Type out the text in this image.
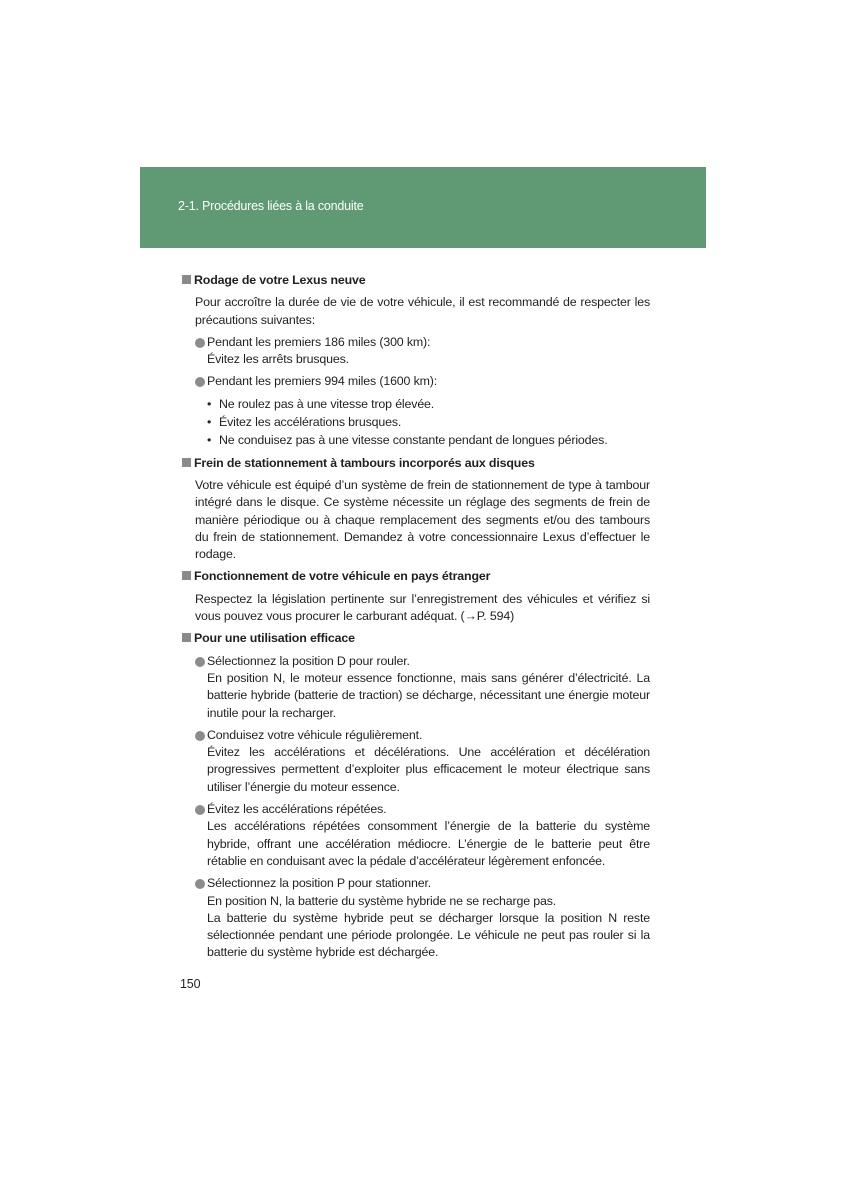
2-1. Procédures liées à la conduite
Rodage de votre Lexus neuve
Pour accroître la durée de vie de votre véhicule, il est recommandé de respecter les précautions suivantes:
Pendant les premiers 186 miles (300 km):
Évitez les arrêts brusques.
Pendant les premiers 994 miles (1600 km):
• Ne roulez pas à une vitesse trop élevée.
• Évitez les accélérations brusques.
• Ne conduisez pas à une vitesse constante pendant de longues périodes.
Frein de stationnement à tambours incorporés aux disques
Votre véhicule est équipé d’un système de frein de stationnement de type à tambour intégré dans le disque. Ce système nécessite un réglage des segments de frein de manière périodique ou à chaque remplacement des segments et/ou des tambours du frein de stationnement. Demandez à votre concessionnaire Lexus d’effectuer le rodage.
Fonctionnement de votre véhicule en pays étranger
Respectez la législation pertinente sur l’enregistrement des véhicules et vérifiez si vous pouvez vous procurer le carburant adéquat. (→P. 594)
Pour une utilisation efficace
Sélectionnez la position D pour rouler.
En position N, le moteur essence fonctionne, mais sans générer d’électricité. La batterie hybride (batterie de traction) se décharge, nécessitant une énergie moteur inutile pour la recharger.
Conduisez votre véhicule régulièrement.
Évitez les accélérations et décélérations. Une accélération et décélération progressives permettent d’exploiter plus efficacement le moteur électrique sans utiliser l’énergie du moteur essence.
Évitez les accélérations répétées.
Les accélérations répétées consomment l’énergie de la batterie du système hybride, offrant une accélération médiocre. L’énergie de le batterie peut être rétablie en conduisant avec la pédale d’accélérateur légèrement enfoncée.
Sélectionnez la position P pour stationner.
En position N, la batterie du système hybride ne se recharge pas.
La batterie du système hybride peut se décharger lorsque la position N reste sélectionnée pendant une période prolongée. Le véhicule ne peut pas rouler si la batterie du système hybride est déchargée.
150
